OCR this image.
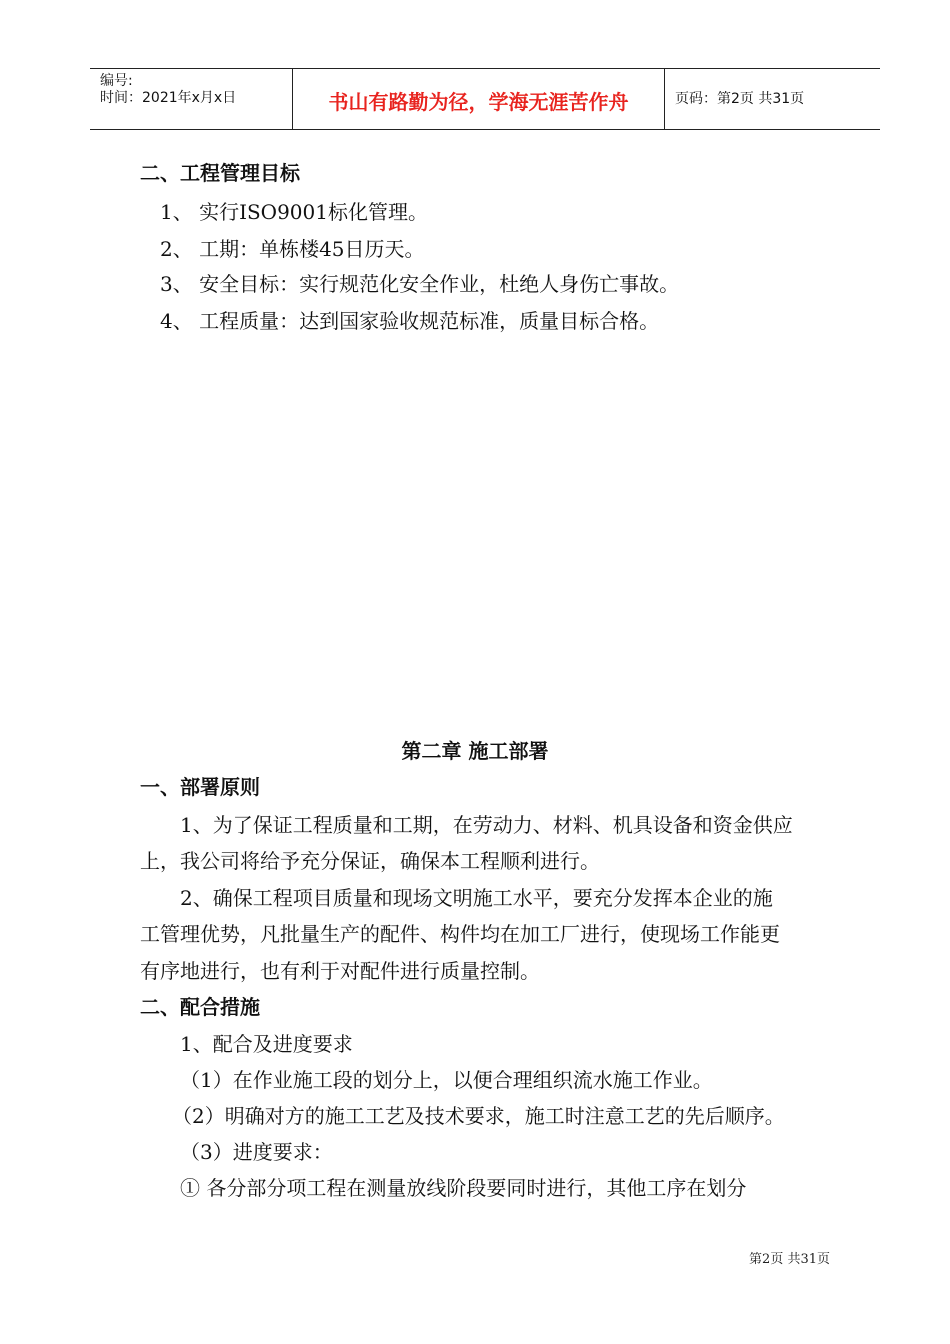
编号:
时间：2021年x月x日	书山有路勤为径，学海无涯苦作舟	页码：第2页 共31页
二、工程管理目标
1、 实行ISO9001标化管理。
2、 工期：单栋楼45日历天。
3、 安全目标：实行规范化安全作业，杜绝人身伤亡事故。
4、 工程质量：达到国家验收规范标准，质量目标合格。
第二章 施工部署
一、部署原则
1、为了保证工程质量和工期，在劳动力、材料、机具设备和资金供应
上，我公司将给予充分保证，确保本工程顺利进行。
2、确保工程项目质量和现场文明施工水平，要充分发挥本企业的施
工管理优势，凡批量生产的配件、构件均在加工厂进行，使现场工作能更
有序地进行，也有利于对配件进行质量控制。
二、配合措施
1、配合及进度要求
（1）在作业施工段的划分上，以便合理组织流水施工作业。
（2）明确对方的施工工艺及技术要求，施工时注意工艺的先后顺序。
（3）进度要求：
① 各分部分项工程在测量放线阶段要同时进行，其他工序在划分
第2页 共31页
